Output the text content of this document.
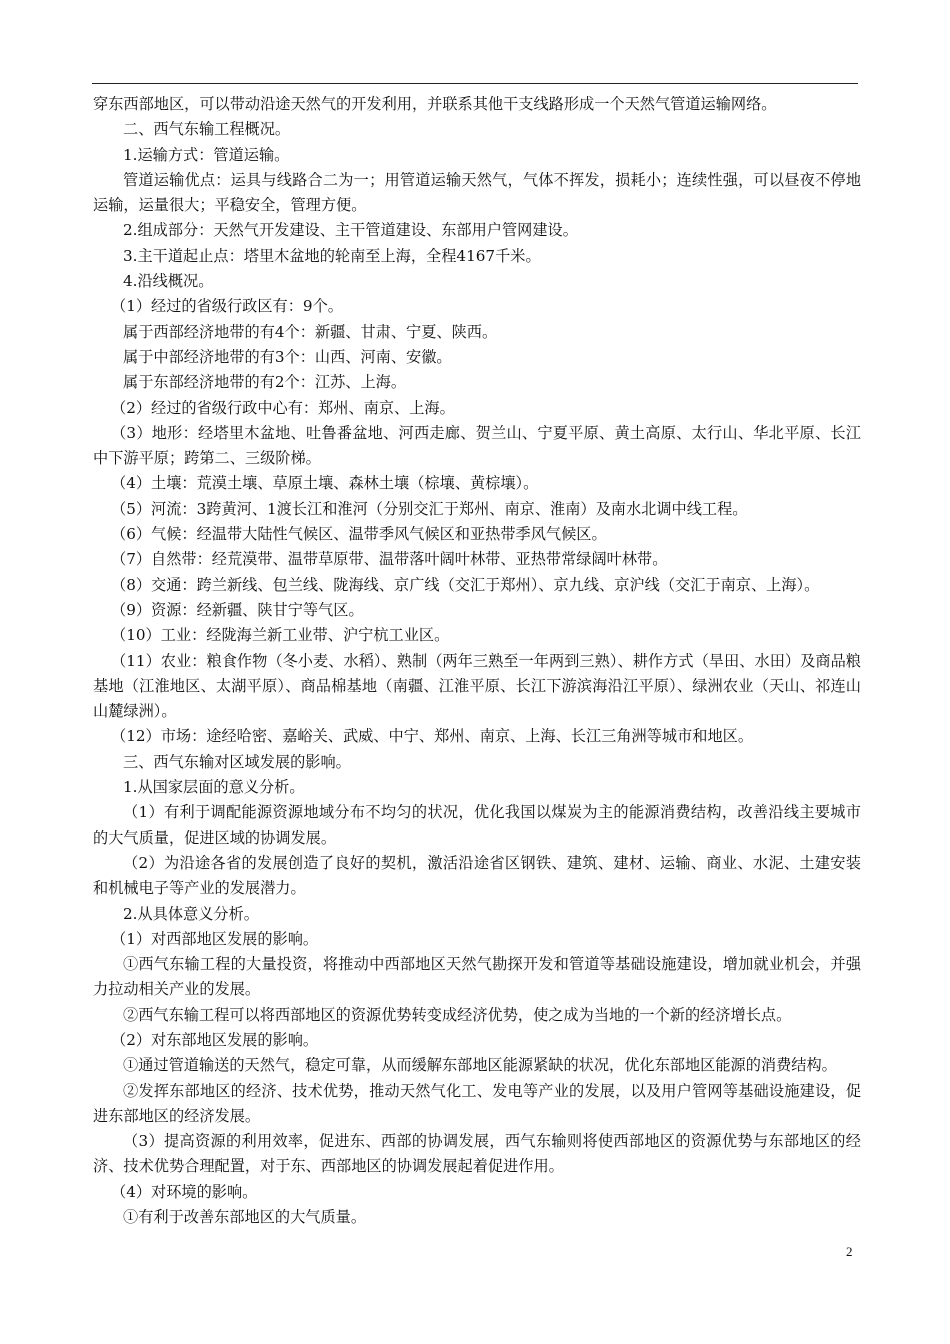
穿东西部地区，可以带动沿途天然气的开发利用，并联系其他干支线路形成一个天然气管道运输网络。

二、西气东输工程概况。

1.运输方式：管道运输。

管道运输优点：运具与线路合二为一；用管道运输天然气，气体不挥发，损耗小；连续性强，可以昼夜不停地运输，运量很大；平稳安全，管理方便。

2.组成部分：天然气开发建设、主干管道建设、东部用户管网建设。

3.主干道起止点：塔里木盆地的轮南至上海，全程4167千米。

4.沿线概况。

（1）经过的省级行政区有：9个。

属于西部经济地带的有4个：新疆、甘肃、宁夏、陕西。

属于中部经济地带的有3个：山西、河南、安徽。

属于东部经济地带的有2个：江苏、上海。

（2）经过的省级行政中心有：郑州、南京、上海。

（3）地形：经塔里木盆地、吐鲁番盆地、河西走廊、贺兰山、宁夏平原、黄土高原、太行山、华北平原、长江中下游平原；跨第二、三级阶梯。

（4）土壤：荒漠土壤、草原土壤、森林土壤（棕壤、黄棕壤）。

（5）河流：3跨黄河、1渡长江和淮河（分别交汇于郑州、南京、淮南）及南水北调中线工程。

（6）气候：经温带大陆性气候区、温带季风气候区和亚热带季风气候区。

（7）自然带：经荒漠带、温带草原带、温带落叶阔叶林带、亚热带常绿阔叶林带。

（8）交通：跨兰新线、包兰线、陇海线、京广线（交汇于郑州）、京九线、京沪线（交汇于南京、上海）。

（9）资源：经新疆、陕甘宁等气区。

（10）工业：经陇海兰新工业带、沪宁杭工业区。

（11）农业：粮食作物（冬小麦、水稻）、熟制（两年三熟至一年两到三熟）、耕作方式（旱田、水田）及商品粮基地（江淮地区、太湖平原）、商品棉基地（南疆、江淮平原、长江下游滨海沿江平原）、绿洲农业（天山、祁连山山麓绿洲）。

（12）市场：途经哈密、嘉峪关、武威、中宁、郑州、南京、上海、长江三角洲等城市和地区。

三、西气东输对区域发展的影响。

1.从国家层面的意义分析。

（1）有利于调配能源资源地域分布不均匀的状况，优化我国以煤炭为主的能源消费结构，改善沿线主要城市的大气质量，促进区域的协调发展。

（2）为沿途各省的发展创造了良好的契机，激活沿途省区钢铁、建筑、建材、运输、商业、水泥、土建安装和机械电子等产业的发展潜力。

2.从具体意义分析。

（1）对西部地区发展的影响。

①西气东输工程的大量投资，将推动中西部地区天然气勘探开发和管道等基础设施建设，增加就业机会，并强力拉动相关产业的发展。

②西气东输工程可以将西部地区的资源优势转变成经济优势，使之成为当地的一个新的经济增长点。

（2）对东部地区发展的影响。

①通过管道输送的天然气，稳定可靠，从而缓解东部地区能源紧缺的状况，优化东部地区能源的消费结构。

②发挥东部地区的经济、技术优势，推动天然气化工、发电等产业的发展，以及用户管网等基础设施建设，促进东部地区的经济发展。

（3）提高资源的利用效率，促进东、西部的协调发展，西气东输则将使西部地区的资源优势与东部地区的经济、技术优势合理配置，对于东、西部地区的协调发展起着促进作用。

（4）对环境的影响。

①有利于改善东部地区的大气质量。

2
